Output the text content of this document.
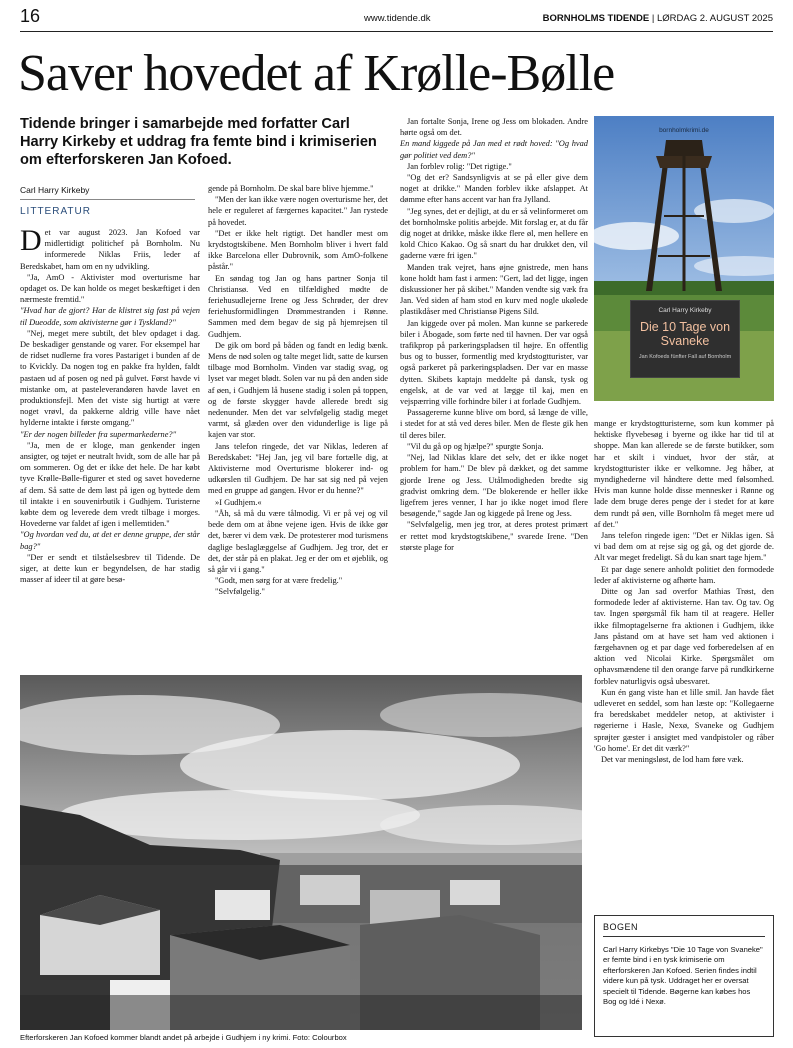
16	www.tidende.dk	BORNHOLMS TIDENDE | LØRDAG 2. AUGUST 2025
Saver hovedet af Krølle-Bølle
Tidende bringer i samarbejde med forfatter Carl Harry Kirkeby et uddrag fra femte bind i krimiserien om efterforskeren Jan Kofoed.
Carl Harry Kirkeby
LITTERATUR

Det var august 2023. Jan Kofoed var midlertidigt politichef på Bornholm. Nu informerede Niklas Friis, leder af Beredskabet, ham om en ny udvikling.

"Ja, AmO - Aktivister mod overturisme har opdaget os. De kan holde os meget beskæftiget i den nærmeste fremtid."

"Hvad har de gjort? Har de klistret sig fast på vejen til Dueodde, som aktivisterne gør i Tyskland?"

"Nej, meget mere subtilt, det blev opdaget i dag. De beskadiger genstande og varer. For eksempel har de ridset nudlerne fra vores Pastariget i bunden af de to Kvickly. Da nogen tog en pakke fra hylden, faldt pastaen ud af posen og ned på gulvet. Først havde vi mistanke om, at pasteleverandøren havde lavet en produktionsfejl. Men det viste sig hurtigt at være noget vrøvl, da pakkerne aldrig ville have nået hylderne intakte i første omgang."

"Er der nogen billeder fra supermarkederne?"

"Ja, men de er kloge, man genkender ingen ansigter, og tøjet er neutralt hvidt, som de alle har på om sommeren. Og det er ikke det hele. De har købt tyve Krølle-Bølle-figurer et sted og savet hovederne af dem. Så satte de dem løst på igen og byttede dem til intakte i en souvenirbutik i Gudhjem. Turisterne købte dem og leverede dem vredt tilbage i morges. Hovederne var faldet af igen i mellemtiden."

"Og hvordan ved du, at det er denne gruppe, der står bag?"

"Der er sendt et tilståelsesbrev til Tidende. De siger, at dette kun er begyndelsen, de har stadig masser af ideer til at gøre besø-

gende på Bornholm. De skal bare blive hjemme."

"Men der kan ikke være nogen overturisme her, det hele er reguleret af færgernes kapacitet." Jan rystede på hovedet.

"Det er ikke helt rigtigt. Det handler mest om krydstogtskibene. Men Bornholm bliver i hvert fald ikke Barcelona eller Dubrovnik, som AmO-folkene påstår."

En søndag tog Jan og hans partner Sonja til Christiansø. Ved en tilfældighed mødte de feriehusudlejerne Irene og Jess Schrøder, der drev feriehusformidlingen Drømmestranden i Rønne. Sammen med dem begav de sig på hjemrejsen til Gudhjem.

De gik om bord på båden og fandt en ledig bænk. Mens de nød solen og talte meget lidt, satte de kursen tilbage mod Bornholm. Vinden var stadig svag, og lyset var meget blødt. Solen var nu på den anden side af øen, i Gudhjem lå husene stadig i solen på toppen, og de første skygger havde allerede bredt sig nedenunder. Men det var selvfølgelig stadig meget varmt, så glæden over den vidunderlige is lige på kajen var stor.

Jans telefon ringede, det var Niklas, lederen af Beredskabet: "Hej Jan, jeg vil bare fortælle dig, at Aktivisterne mod Overturisme blokerer ind- og udkørslen til Gudhjem. De har sat sig ned på vejen med en gruppe ad gangen. Hvor er du henne?"

»I Gudhjem.«

"Åh, så må du være tålmodig. Vi er på vej og vil bede dem om at åbne vejene igen. Hvis de ikke gør det, bærer vi dem væk. De protesterer mod turismens daglige beslaglæggelse af Gudhjem. Jeg tror, det er det, der står på en plakat. Jeg er der om et øjeblik, og så går vi i gang."

"Godt, men sørg for at være fredelig."

"Selvfølgelig."

Jan fortalte Sonja, Irene og Jess om blokaden. Andre hørte også om det.

En mand kiggede på Jan med et rødt hoved: "Og hvad gør politiet ved dem?"

Jan forblev rolig: "Det rigtige."

"Og det er? Sandsynligvis at se på eller give dem noget at drikke." Manden forblev ikke afslappet. At dømme efter hans accent var han fra Jylland.

"Jeg synes, det er dejligt, at du er så velinformeret om det bornholmske politis arbejde. Mit forslag er, at du får dig noget at drikke, måske ikke flere øl, men hellere en kold Chico Kakao. Og så snart du har drukket den, vil gaderne være fri igen."

Manden trak vejret, hans øjne gnistrede, men hans kone holdt ham fast i armen: "Gert, lad det ligge, ingen diskussioner her på skibet." Manden vendte sig væk fra Jan. Ved siden af ham stod en kurv med nogle ukølede plastikdåser med Christiansø Pigens Sild.

Jan kiggede over på molen. Man kunne se parkerede biler i Åbogade, som førte ned til havnen. Der var også trafikprop på parkeringspladsen til højre. En offentlig bus og to busser, formentlig med krydstogtturister, var også parkeret på parkeringspladsen. Der var en masse dytten. Skibets kaptajn meddelte på dansk, tysk og engelsk, at de var ved at lægge til kaj, men en vejspærring ville forhindre biler i at forlade Gudhjem.

Passagererne kunne blive om bord, så længe de ville, i stedet for at stå ved deres biler. Men de fleste gik hen til deres biler.

"Vil du gå op og hjælpe?" spurgte Sonja.

"Nej, lad Niklas klare det selv, det er ikke noget problem for ham." De blev på dækket, og det samme gjorde Irene og Jess. Utålmodigheden bredte sig gradvist omkring dem. "De blokerende er heller ikke ligefrem jeres venner, I har jo ikke noget imod flere besøgende," sagde Jan og kiggede på Irene og Jess.

"Selvfølgelig, men jeg tror, at deres protest primært er rettet mod krydstogtskibene," svarede Irene. "Den største plage for

bornholmkrimi.de
Carl Harry Kirkeby
Die 10 Tage von Svaneke
Jan Kofoeds fünfter Fall auf Bornholm

mange er krydstogtturisterne, som kun kommer på hektiske flyvebesøg i byerne og ikke har tid til at shoppe. Man kan allerede se de første butikker, som har et skilt i vinduet, hvor der står, at krydstogtturister ikke er velkomne. Jeg håber, at myndighederne vil håndtere dette med følsomhed. Hvis man kunne holde disse mennesker i Rønne og lade dem bruge deres penge der i stedet for at køre dem rundt på øen, ville Bornholm få meget mere ud af det."

Jans telefon ringede igen: "Det er Niklas igen. Så vi bad dem om at rejse sig og gå, og det gjorde de. Alt var meget fredeligt. Så du kan snart tage hjem."

Et par dage senere anholdt politiet den formodede leder af aktivisterne og afhørte ham.

Ditte og Jan sad overfor Mathias Trøst, den formodede leder af aktivisterne. Han tav. Og tav. Og tav. Ingen spørgsmål fik ham til at reagere. Heller ikke filmoptagelserne fra aktionen i Gudhjem, ikke Jans påstand om at have set ham ved aktionen i færgehavnen og et par dage ved forberedelsen af en aktion ved Nicolai Kirke. Spørgsmålet om ophavsmændene til den orange farve på rundkirkerne forblev naturligvis også ubesvaret.

Kun én gang viste han et lille smil. Jan havde fået udleveret en seddel, som han læste op: "Kollegaerne fra beredskabet meddeler netop, at aktivister i røgerierne i Hasle, Nexø, Svaneke og Gudhjem sprøjter gæster i ansigtet med vandpistoler og råber 'Go home'. Er det dit værk?"

Det var meningsløst, de lod ham føre væk.

Efterforskeren Jan Kofoed kommer blandt andet på arbejde i Gudhjem i ny krimi. Foto: Colourbox
BOGEN
Carl Harry Kirkebys "Die 10 Tage von Svaneke" er femte bind i en tysk krimiserie om efterforskeren Jan Kofoed. Serien findes indtil videre kun på tysk. Uddraget her er oversat specielt til Tidende. Bøgerne kan købes hos Bog og Idé i Nexø.
